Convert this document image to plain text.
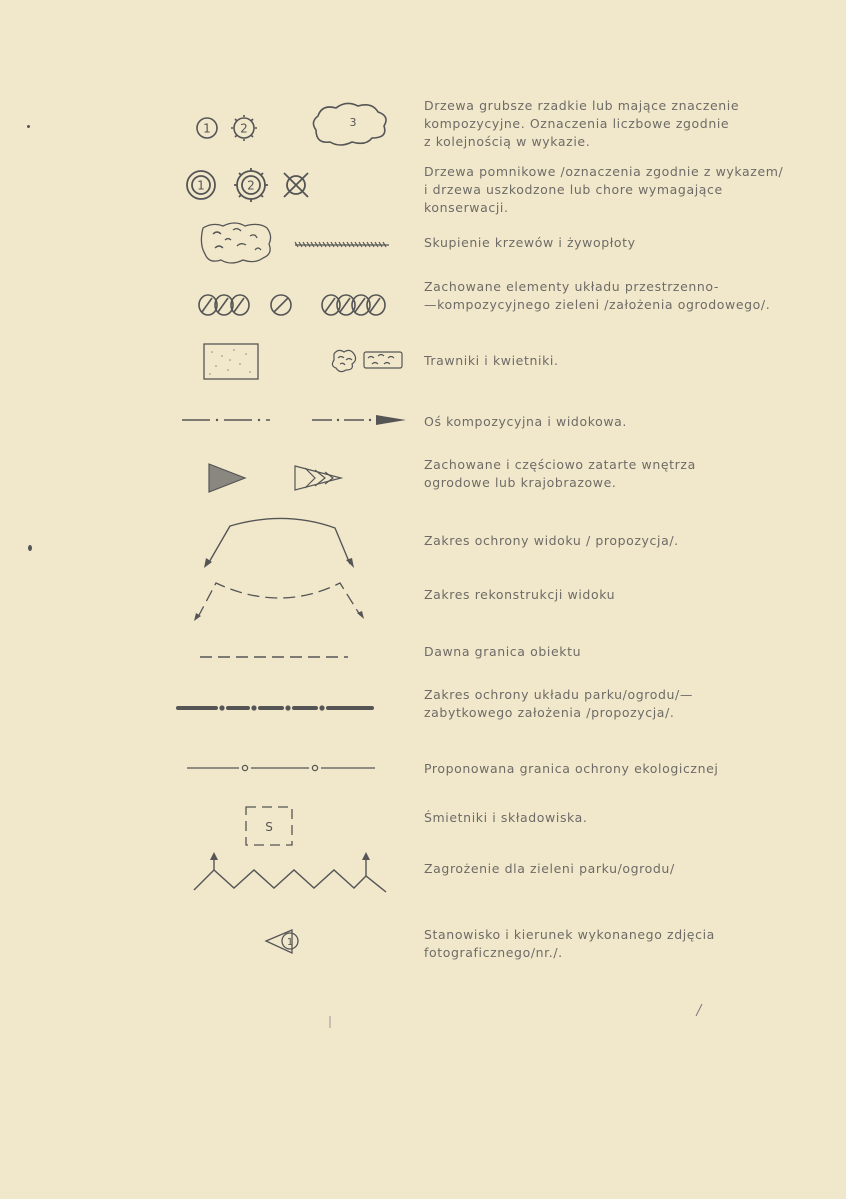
1 2	3
Drzewa grubsze rzadkie lub mające znaczenie
kompozycyjne. Oznaczenia liczbowe zgodnie
z kolejnością w wykazie.
1	2
Drzewa pomnikowe /oznaczenia zgodnie z wykazem/
i drzewa uszkodzone lub chore wymagające
konserwacji.
Skupienie krzewów i żywopłoty
Zachowane elementy układu przestrzenno-
—kompozycyjnego zieleni /założenia ogrodowego/.
Trawniki i kwietniki.
Oś kompozycyjna i widokowa.
Zachowane i częściowo zatarte wnętrza
ogrodowe lub krajobrazowe.
Zakres ochrony widoku / propozycja/.
Zakres rekonstrukcji widoku
Dawna granica obiektu
Zakres ochrony układu parku/ogrodu/—
zabytkowego założenia /propozycja/.
Proponowana granica ochrony ekologicznej
S
Śmietniki i składowiska.
Zagrożenie dla zieleni parku/ogrodu/
1
Stanowisko i kierunek wykonanego zdjęcia
fotograficznego/nr./.
